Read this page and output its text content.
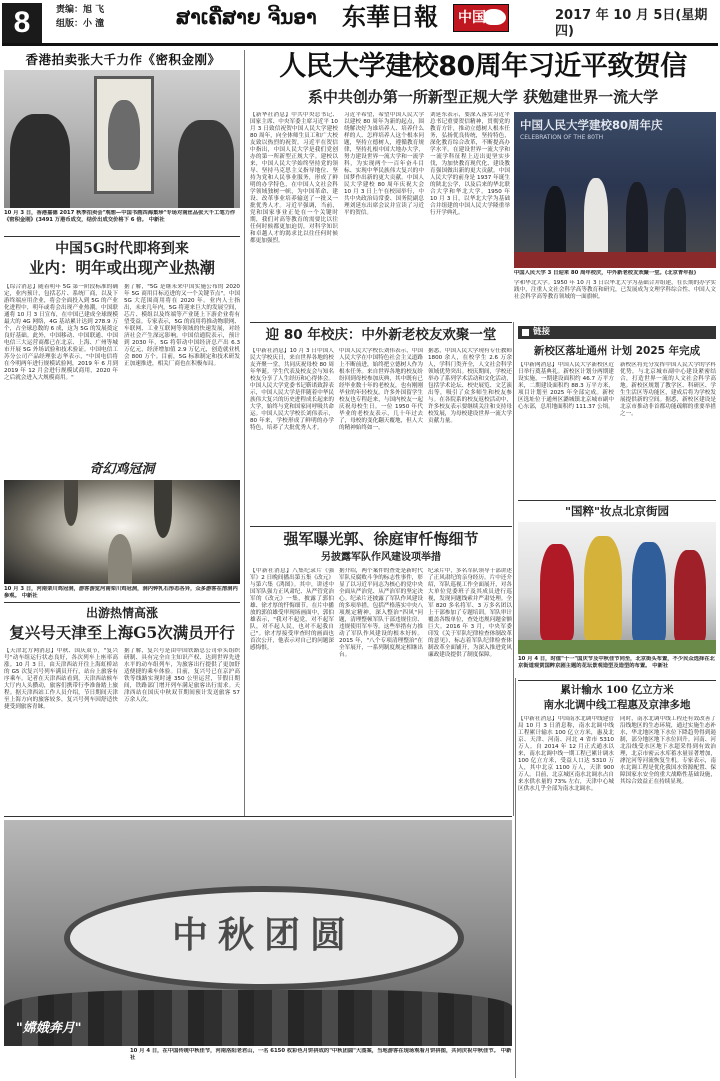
8	责编：旭 飞
组版：小 潼	ສາເຄື່ສາຍ ຈີນອາ 东華日報 中国	2017 年 10 月 5日(星期四)
香港拍卖张大千力作《密积金刚》
10 月 3 日，香港嘉德 2017 秋季拍卖会"观想—中国书画四海集珍"专场对南丝品张大千工笔力作《密积金刚》(3491 万港币成交，结价出成交价格下 6 倍。 中新社
中国5G时代即将到来
业内：明年或出现产业热潮
【综合消息】随着明年 5G 第一阶段标准的确定，业内预计，包括芯片、系统厂商，以及下游终端应用企业，将会全面投入到 5G 的产业化进程中，明年或将会出现产业热潮。中国联通将 10 月 3 日宣布，在中国已建成全球规模最大的 4G 网络，4G 基站累计达到 278.9 万个，占全球总数的 6 成，这为 5G 的发展奠定良好基础。此外，中国移动、中国联通、中国电信三大运营商都已在北京、上海、广州等城市开展 5G 外场试验和技术验证。中国电信工苏分公司产品经理张志华表示，"中国电信将在今明两年进行规模试验网，2019 年 6 月到 2019 年 12 月会进行规模试商用，2020 年之后就会进入大规模商用。"
据了解，"5G 是继未来中国实施公布的 2020 年 5G 商用目标迈进的又一个关键节点"，中国 5G 大范围商用将在 2020 年。业内人士指出，未来几年内，5G 将迎来巨大的发展空间，芯片、模组以及终端等产业链上下游企业将有望受益。专家表示，5G 的商用将推动物联网、车联网、工业互联网等领域的快速发展，对经济社会产生深远影响。中国信通院表示，预计到 2030 年，5G 将带动中国经济总产出 6.3 万亿元，经济增加值 2.9 万亿元，创造就业机会 800 万个。目前，5G 标准制定和技术研发正加速推进，相关厂商也在积极布局。
奇幻鸡冠洞
10 月 3 日，河南栾川鸡冠洞，游客游览河南栾川鸡冠洞，洞内钟乳石形态各异，众多游客在溶洞内参观。 中新社
出游热情高涨
复兴号天津至上海G5次满员开行
【天津北方网消息】中秋、国庆双节，"复兴号"动车组运行状态良好，各次列车上座率高涨。10 月 3 日，由天津西站开往上海虹桥站的 G5 次复兴号列车满员开行，站台上旅客有序乘车。记者在天津西站看到，天津西站候车大厅内人头攒动，旅客们携带行李准备踏上旅程。据天津西站工作人员介绍，节日期间天津至上海方向的旅客较多，复兴号列车因舒适快捷受到旅客青睐。
据了解，复兴号是由中国铁路总公司牵头组织研制、具有完全自主知识产权、达到世界先进水平的动车组列车，为旅客出行提供了更加舒适便捷的乘车体验。目前，复兴号已在京沪高铁等线路实现时速 350 公里运营，节假日期间，铁路部门增开列车满足旅客出行需求。天津西站在国庆中秋双节期间预计发送旅客 57 万余人次。
人民大学建校80周年习近平致贺信
系中共创办第一所新型正规大学 获勉建世界一流大学
【新华社消息】中共中央总书记、国家主席、中央军委主席习近平 10 月 3 日致信祝贺中国人民大学建校 80 周年，向全体师生员工和广大校友致以热烈的祝贺。习近平在贺信中指出，中国人民大学是我们党创办的第一所新型正规大学。建校以来，中国人民大学始终坚持党的领导、坚持马克思主义指导地位、坚持为党和人民事业服务，形成了鲜明的办学特色，在中国人文社会科学领域独树一帜，为中国革命、建设、改革事业培养输送了一批又一批优秀人才。习近平强调，当前，党和国家事业正处在一个关键时期，我们对高等教育的需要比以往任何时候都更加迫切，对科学知识和卓越人才的渴求比以往任何时候都更加强烈。
习近平希望，希望中国人民大学以建校 80 周年为新的起点，围绕解决好为谁培养人、培养什么样的人、怎样培养人这个根本问题，坚持立德树人，遵循教育规律，坚持扎根中国大地办大学，努力建设世界一流大学和一流学科，为实现两个一百年奋斗目标、实现中华民族伟大复兴的中国梦作出新的更大贡献。中国人民大学建校 80 周年庆祝大会 10 月 3 日上午在校园举行，中共中央政治局常委、国务院副总理刘延东出席会议并宣读了习近平的贺信。
刘延东表示，要深入落实习近平总书记重要贺信精神，贯彻党的教育方针，推动立德树人根本任务，弘扬优良传统，坚持特色，深化教育综合改革，不断提高办学水平。在建设世界一流大学和一流学科征程上迈出更坚实步伐，为加快教育现代化、建设教育强国做出新的更大贡献。中国人民大学的前身是 1937 年诞生的陕北公学，以及后来的华北联合大学和华北大学。1950 年 10 月 3 日，以华北大学为基础合并组建的中国人民大学隆重举行开学典礼。
中国人民大学建校80周年庆
CELEBRATION OF THE 80TH
中国人民大学 3 日迎来 80 周年校庆，中外新老校友欢聚一堂。(北京青年报)
学和华北大学。1950 年 10 月 3 日以华北大学为基础合并组建，在长期的办学实践中，注重人文社会科学高等教育和研究，已发展成为文理学科综合性、中国人文社会科学高等教育领域的一面旗帜。
迎 80 年校庆：中外新老校友欢聚一堂
【中新社消息】10 月 3 日中国人民大学校庆日，来自世界各地的校友齐聚一堂，共同庆祝母校 80 周年华诞。学生代表及校友会与知名校友分享了人生经历和心得体会。中国人民大学党委书记靳诺致辞表示，中国人民大学是伴随着中华民族伟大复兴的历史进程成长起来的大学，始终与党和国家同呼吸共命运。中国人民大学校长刘伟表示，80 年来，学校形成了鲜明的办学特色，培养了大批优秀人才。
中国人民大学校长刘伟表示，中国人民大学在中国特色社会主义道路上不断前进，始终把立德树人作为根本任务。来自世界各地的校友纷纷回到母校参加庆典，其中既有已经毕业数十年的老校友，也有刚刚毕业的年轻校友。许多外国留学生校友也专程赶来，与国内校友一起庆祝母校生日。一位 1950 年代毕业的老校友表示，几十年过去了，母校的变化翻天覆地，但人大的精神始终如一。
据悉，中国人民大学现有专任教师 1800 余人，在校学生 2.6 万余人，学科门类齐全，人文社会科学领域优势突出。校庆期间，学校还举办了系列学术活动和文化活动，包括学术论坛、校史展览、文艺演出等，吸引了众多师生和校友参与。在各院系的校友返校活动中，许多校友表示要继续关注和支持母校发展，为母校建设世界一流大学贡献力量。
强军曝光郭、徐庭审忏悔细节
另披露军队作风建设项举措
【中新社消息】八集纪录片《强军》2 日晚间播出第五集《改元》与第六集《鸿图》。其中，讲述中国军队强力正风肃纪、从严管党治军的《改元》一集，披露了郭伯雄、徐才厚的忏悔细节。在片中播放的郭伯雄受审现场画面中，郭伯雄表示，"我对不起党，对不起军队，对不起人民，也对不起我自己"。徐才厚接受审查时的画面也首次公开，他表示对自己的问题深感悔恨。
据介绍，两个案件的查处是新时代军队反腐败斗争的标志性事件，彰显了以习近平同志为核心的党中央全面从严治党、从严治军的坚定决心。纪录片还披露了军队作风建设的多项举措，包括严格落实中央八项规定精神，深入整治"四风"问题，清理整顿军队干部违规住房、违规使用军车等。这些举措有力推动了军队作风建设的根本好转。2015 年，"八个专项清理整治"在全军展开，一系列制度规定相继出台。
纪录片中，多名军队领导干部讲述了正风肃纪的亲身经历。片中还介绍，军队巡视工作全面展开，对各大单位党委班子及其成员进行巡视，发现问题线索并严肃处理。全军 820 多名将军、3 万多名团以上干部参加了专题培训。军队审计覆盖各级单位，查处违规问题金额巨大。2016 年 3 月，中央军委印发《关于军队纪律检查体制改革的意见》，标志着军队纪律检查体制改革全面铺开，为深入推进党风廉政建设提供了制度保障。
链接
新校区落址通州 计划 2025 年完成
【中新网消息】中国人民大学新校区近日举行奠基典礼。新校区计划分两期建设实施，一期建设面积约 46.7 万平方米，二期建设面积约 88.3 万平方米，项目计划至 2025 年全部完成。新校区选址位于通州区潞城镇北京城市副中心东部，总用地面积约 111.37 公顷。
新校区将充分发挥中国人民大学的学科优势，与北京城市副中心建设紧密结合，打造世界一流的人文社会科学高地。新校区规划了教学区、科研区、学生生活区等功能区，建成后将为学校发展提供新的空间。据悉，新校区建设是北京市推动非首都功能疏解的重要举措之一。
"国粹"妆点北京街园
10 月 4 日，时值"十一"国庆节及中秋佳节同至，北京街头布置，不少民众选择在北京街道观赏国粹京剧主题的花坛景观造型及造型的布置。 中新社
累计输水 100 亿立方米
南水北调中线工程惠及京津多地
【中新社消息】中国南水北调中线建管局 10 月 3 日消息称，南水北调中线工程累计输水 100 亿立方米，惠及北京、天津、河南、河北 4 省市 5310 万人。自 2014 年 12 月正式通水以来，南水北调中线一期工程已累计调水 100 亿立方米，受益人口达 5310 万人，其中北京 1100 万人，天津 900 万人。目前，北京城区南水北调水占自来水供水量的 73% 左右，天津中心城区供水几乎全部为南水北调水。
同时，南水北调中线工程还有效改善了沿线地区的生态环境，通过实施生态补水，华北地区地下水位下降趋势得到遏制，部分地区地下水位回升。河南、河北沿线受水区地下水超采得到有效治理，北京市密云水库蓄水量显著增加，滹沱河等河流恢复生机。专家表示，南水北调工程是优化我国水资源配置、保障国家水安全的重大战略性基础设施，其综合效益正在持续显现。
中秋团圆
"嫦娥奔月"
10 月 4 日，在中国传统中秋佳节，河南洛阳老君山，一名 6150 枚彩色月饼拼成的"中秋团圆"大图案，当地游客在现场观看月饼拼图，共同庆祝中秋佳节。 中新社
